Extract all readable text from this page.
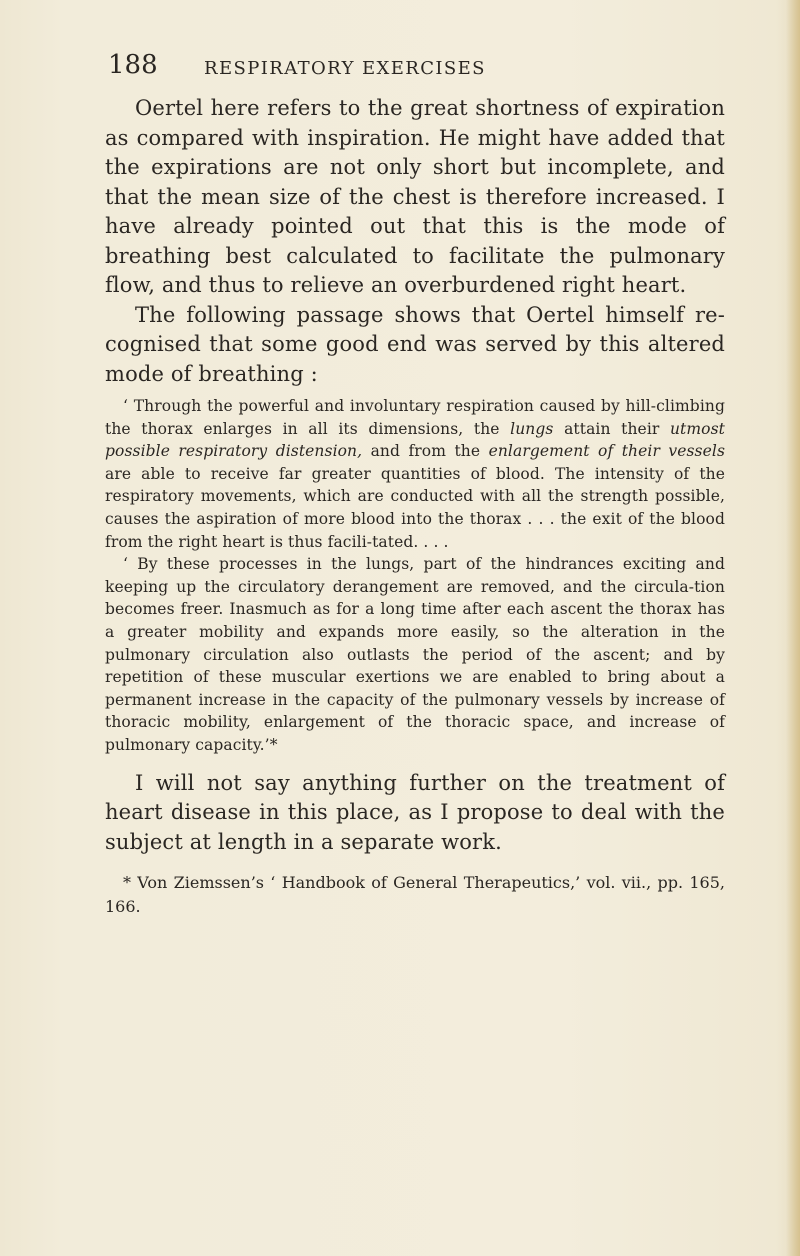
188	RESPIRATORY EXERCISES

Oertel here refers to the great shortness of expiration as compared with inspiration. He might have added that the expirations are not only short but incomplete, and that the mean size of the chest is therefore increased. I have already pointed out that this is the mode of breathing best calculated to facilitate the pulmonary flow, and thus to relieve an overburdened right heart.

The following passage shows that Oertel himself re-cognised that some good end was served by this altered mode of breathing :

‘ Through the powerful and involuntary respiration caused by hill-climbing the thorax enlarges in all its dimensions, the lungs attain their utmost possible respiratory distension, and from the enlargement of their vessels are able to receive far greater quantities of blood. The intensity of the respiratory movements, which are conducted with all the strength possible, causes the aspiration of more blood into the thorax . . . the exit of the blood from the right heart is thus facili-tated. . . .

‘ By these processes in the lungs, part of the hindrances exciting and keeping up the circulatory derangement are removed, and the circula-tion becomes freer. Inasmuch as for a long time after each ascent the thorax has a greater mobility and expands more easily, so the alteration in the pulmonary circulation also outlasts the period of the ascent; and by repetition of these muscular exertions we are enabled to bring about a permanent increase in the capacity of the pulmonary vessels by increase of thoracic mobility, enlargement of the thoracic space, and increase of pulmonary capacity.’*

I will not say anything further on the treatment of heart disease in this place, as I propose to deal with the subject at length in a separate work.

* Von Ziemssen’s ‘ Handbook of General Therapeutics,’ vol. vii., pp. 165, 166.
